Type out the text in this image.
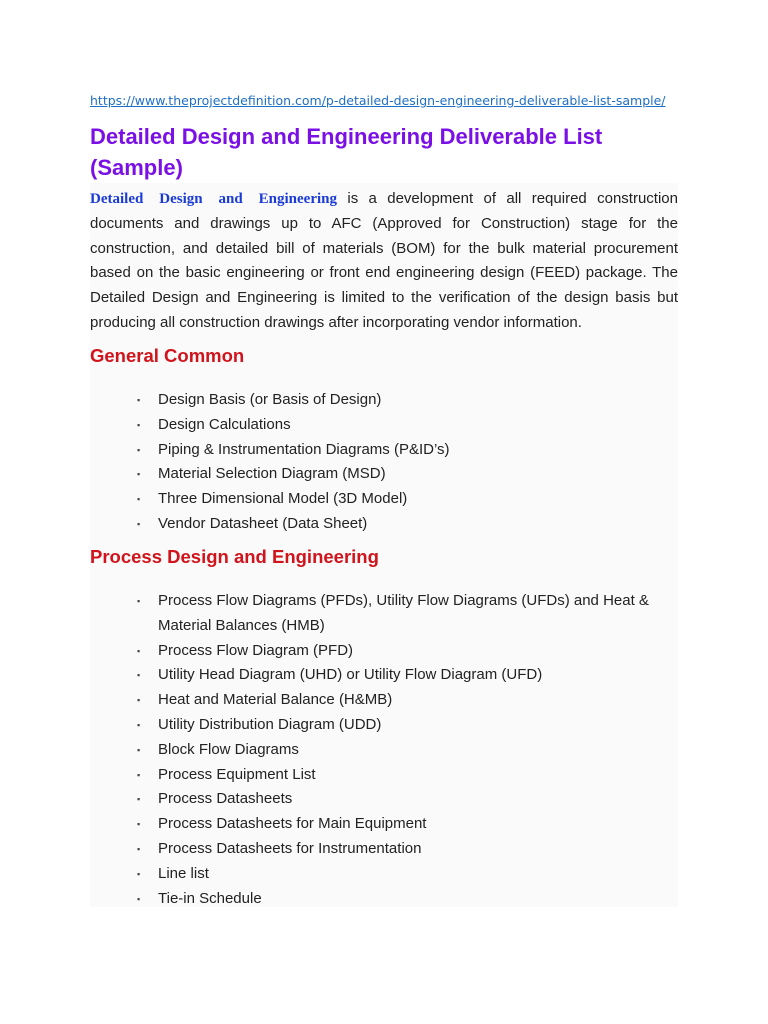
https://www.theprojectdefinition.com/p-detailed-design-engineering-deliverable-list-sample/
Detailed Design and Engineering Deliverable List (Sample)

Detailed Design and Engineering is a development of all required construction documents and drawings up to AFC (Approved for Construction) stage for the construction, and detailed bill of materials (BOM) for the bulk material procurement based on the basic engineering or front end engineering design (FEED) package. The Detailed Design and Engineering is limited to the verification of the design basis but producing all construction drawings after incorporating vendor information.

General Common
▪ Design Basis (or Basis of Design)
▪ Design Calculations
▪ Piping & Instrumentation Diagrams (P&ID’s)
▪ Material Selection Diagram (MSD)
▪ Three Dimensional Model (3D Model)
▪ Vendor Datasheet (Data Sheet)
Process Design and Engineering
▪ Process Flow Diagrams (PFDs), Utility Flow Diagrams (UFDs) and Heat & Material Balances (HMB)
▪ Process Flow Diagram (PFD)
▪ Utility Head Diagram (UHD) or Utility Flow Diagram (UFD)
▪ Heat and Material Balance (H&MB)
▪ Utility Distribution Diagram (UDD)
▪ Block Flow Diagrams
▪ Process Equipment List
▪ Process Datasheets
▪ Process Datasheets for Main Equipment
▪ Process Datasheets for Instrumentation
▪ Line list
▪ Tie-in Schedule
